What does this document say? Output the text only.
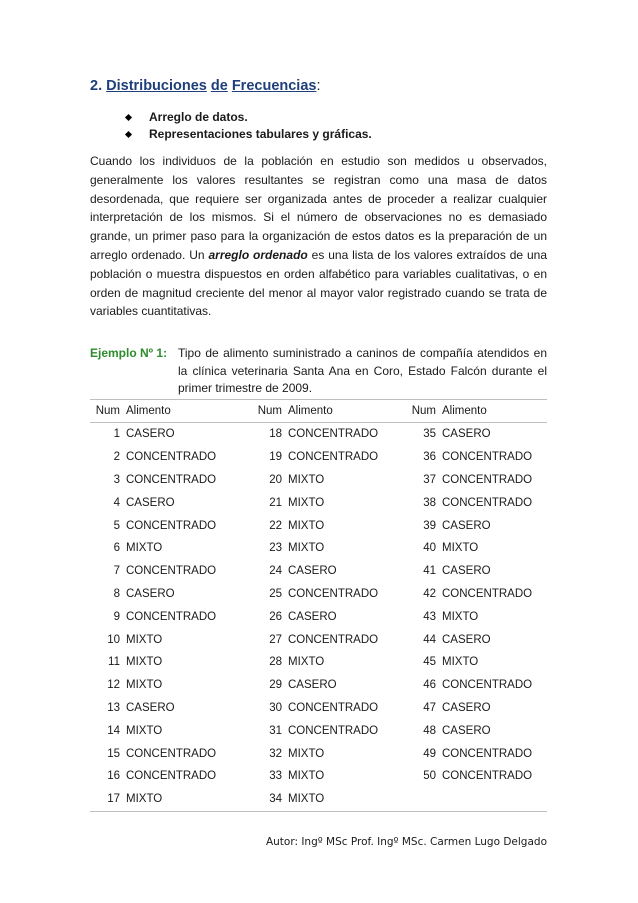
2. Distribuciones de Frecuencias:
Arreglo de datos.
Representaciones tabulares y gráficas.

Cuando los individuos de la población en estudio son medidos u observados, generalmente los valores resultantes se registran como una masa de datos desordenada, que requiere ser organizada antes de proceder a realizar cualquier interpretación de los mismos. Si el número de observaciones no es demasiado grande, un primer paso para la organización de estos datos es la preparación de un arreglo ordenado. Un arreglo ordenado es una lista de los valores extraídos de una población o muestra dispuestos en orden alfabético para variables cualitativas, o en orden de magnitud creciente del menor al mayor valor registrado cuando se trata de variables cuantitativas.

Ejemplo Nº 1: Tipo de alimento suministrado a caninos de compañía atendidos en la clínica veterinaria Santa Ana en Coro, Estado Falcón durante el primer trimestre de 2009.
Num	Alimento	Num	Alimento	Num	Alimento
1	CASERO	18	CONCENTRADO	35	CASERO
2	CONCENTRADO	19	CONCENTRADO	36	CONCENTRADO
3	CONCENTRADO	20	MIXTO	37	CONCENTRADO
4	CASERO	21	MIXTO	38	CONCENTRADO
5	CONCENTRADO	22	MIXTO	39	CASERO
6	MIXTO	23	MIXTO	40	MIXTO
7	CONCENTRADO	24	CASERO	41	CASERO
8	CASERO	25	CONCENTRADO	42	CONCENTRADO
9	CONCENTRADO	26	CASERO	43	MIXTO
10	MIXTO	27	CONCENTRADO	44	CASERO
11	MIXTO	28	MIXTO	45	MIXTO
12	MIXTO	29	CASERO	46	CONCENTRADO
13	CASERO	30	CONCENTRADO	47	CASERO
14	MIXTO	31	CONCENTRADO	48	CASERO
15	CONCENTRADO	32	MIXTO	49	CONCENTRADO
16	CONCENTRADO	33	MIXTO	50	CONCENTRADO
17	MIXTO	34	MIXTO		
Autor: Ingº MSc Prof. Ingº MSc. Carmen Lugo Delgado
